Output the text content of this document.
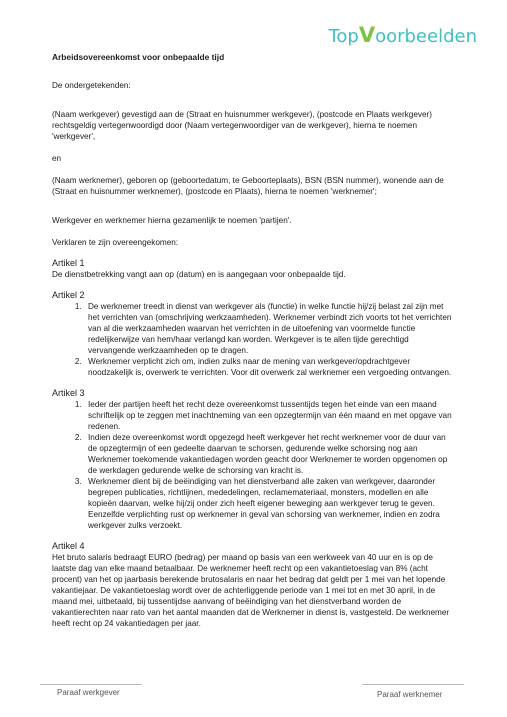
TopVoorbeelden

Arbeidsovereenkomst voor onbepaalde tijd

De ondergetekenden:

(Naam werkgever) gevestigd aan de (Straat en huisnummer werkgever), (postcode en Plaats werkgever) rechtsgeldig vertegenwoordigd door (Naam vertegenwoordiger van de werkgever), hierna te noemen 'werkgever',

en

(Naam werknemer), geboren op (geboortedatum, te Geboorteplaats), BSN (BSN nummer), wonende aan de (Straat en huisnummer werknemer), (postcode en Plaats), hierna te noemen 'werknemer';

Werkgever en werknemer hierna gezamenlijk te noemen 'partijen'.

Verklaren te zijn overeengekomen:

Artikel 1

De dienstbetrekking vangt aan op (datum) en is aangegaan voor onbepaalde tijd.

Artikel 2

1. De werknemer treedt in dienst van werkgever als (functie) in welke functie hij/zij belast zal zijn met het verrichten van (omschrijving werkzaamheden). Werknemer verbindt zich voorts tot het verrichten van al die werkzaamheden waarvan het verrichten in de uitoefening van voormelde functie redelijkerwijze van hem/haar verlangd kan worden. Werkgever is te allen tijde gerechtigd vervangende werkzaamheden op te dragen.
2. Werknemer verplicht zich om, indien zulks naar de mening van werkgever/opdrachtgever noodzakelijk is, overwerk te verrichten. Voor dit overwerk zal werknemer een vergoeding ontvangen.

Artikel 3

1. Ieder der partijen heeft het recht deze overeenkomst tussentijds tegen het einde van een maand schriftelijk op te zeggen met inachtneming van een opzegtermijn van één maand en met opgave van redenen.
2. Indien deze overeenkomst wordt opgezegd heeft werkgever het recht werknemer voor de duur van de opzegtermijn of een gedeelte daarvan te schorsen, gedurende welke schorsing nog aan Werknemer toekomende vakantiedagen worden geacht door Werknemer te worden opgenomen op de werkdagen gedurende welke de schorsing van kracht is.
3. Werknemer dient bij de beëindiging van het dienstverband alle zaken van werkgever, daaronder begrepen publicaties, richtlijnen, mededelingen, reclamemateriaal, monsters, modellen en alle kopieën daarvan, welke hij/zij onder zich heeft eigener beweging aan werkgever terug te geven. Eenzelfde verplichting rust op werknemer in geval van schorsing van werknemer, indien en zodra werkgever zulks verzoekt.

Artikel 4

Het bruto salaris bedraagt EURO (bedrag) per maand op basis van een werkweek van 40 uur en is op de laatste dag van elke maand betaalbaar. De werknemer heeft recht op een vakantietoeslag van 8% (acht procent) van het op jaarbasis berekende brutosalaris en naar het bedrag dat geldt per 1 mei van het lopende vakantiejaar. De vakantietoeslag wordt over de achterliggende periode van 1 mei tot en met 30 april, in de maand mei, uitbetaald, bij tussentijdse aanvang of beëindiging van het dienstverband worden de vakantierechten naar rato van het aantal maanden dat de Werknemer in dienst is, vastgesteld. De werknemer heeft recht op 24 vakantiedagen per jaar.

Paraaf werkgever	Paraaf werknemer
